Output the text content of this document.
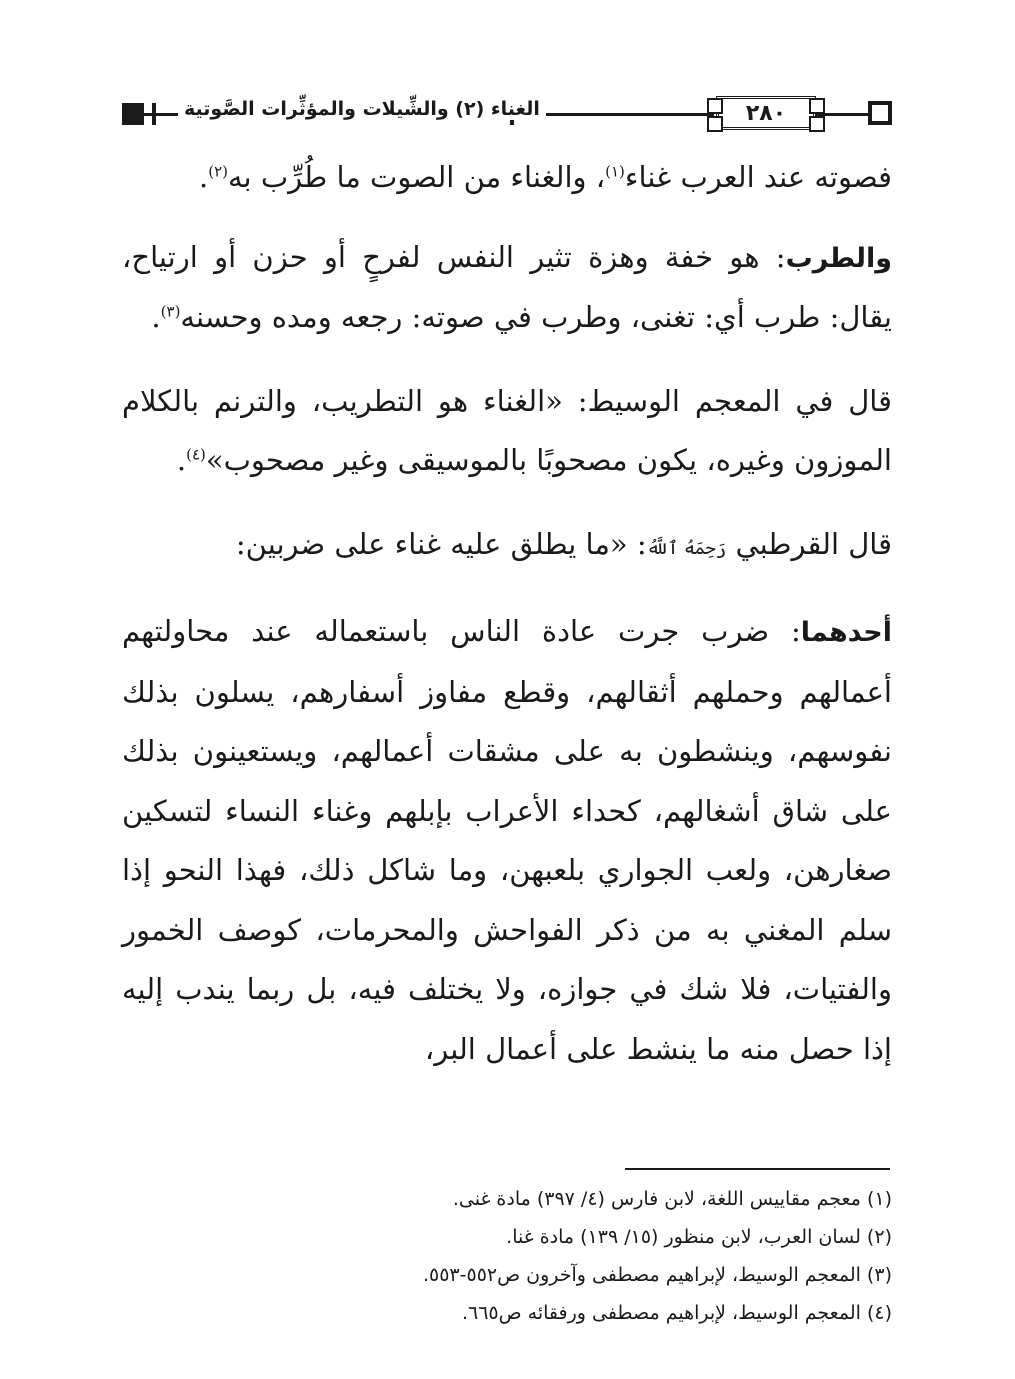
الغناء (٢) والشِّيلات والمؤثِّرات الصَّوتية	٢٨٠

فصوته عند العرب غناء$^{(١)}$، والغناء من الصوت ما طُرِّب به$^{(٢)}$.

والطرب: هو خفة وهزة تثير النفس لفرحٍ أو حزن أو ارتياح، يقال: طرب أي: تغنى، وطرب في صوته: رجعه ومده وحسنه$^{(٣)}$.

قال في المعجم الوسيط: «الغناء هو التطريب، والترنم بالكلام الموزون وغيره، يكون مصحوبًا بالموسيقى وغير مصحوب»$^{(٤)}$.

قال القرطبي رَحِمَهُ ٱللَّهُ: «ما يطلق عليه غناء على ضربين:

أحدهما: ضرب جرت عادة الناس باستعماله عند محاولتهم أعمالهم وحملهم أثقالهم، وقطع مفاوز أسفارهم، يسلون بذلك نفوسهم، وينشطون به على مشقات أعمالهم، ويستعينون بذلك على شاق أشغالهم، كحداء الأعراب بإبلهم وغناء النساء لتسكين صغارهن، ولعب الجواري بلعبهن، وما شاكل ذلك، فهذا النحو إذا سلم المغني به من ذكر الفواحش والمحرمات، كوصف الخمور والفتيات، فلا شك في جوازه، ولا يختلف فيه، بل ربما يندب إليه إذا حصل منه ما ينشط على أعمال البر،

(١) معجم مقاييس اللغة، لابن فارس (٤/ ٣٩٧) مادة غنى.
(٢) لسان العرب، لابن منظور (١٥/ ١٣٩) مادة غنا.
(٣) المعجم الوسيط، لإبراهيم مصطفى وآخرون ص٥٥٢-٥٥٣.
(٤) المعجم الوسيط، لإبراهيم مصطفى ورفقائه ص٦٦٥.
